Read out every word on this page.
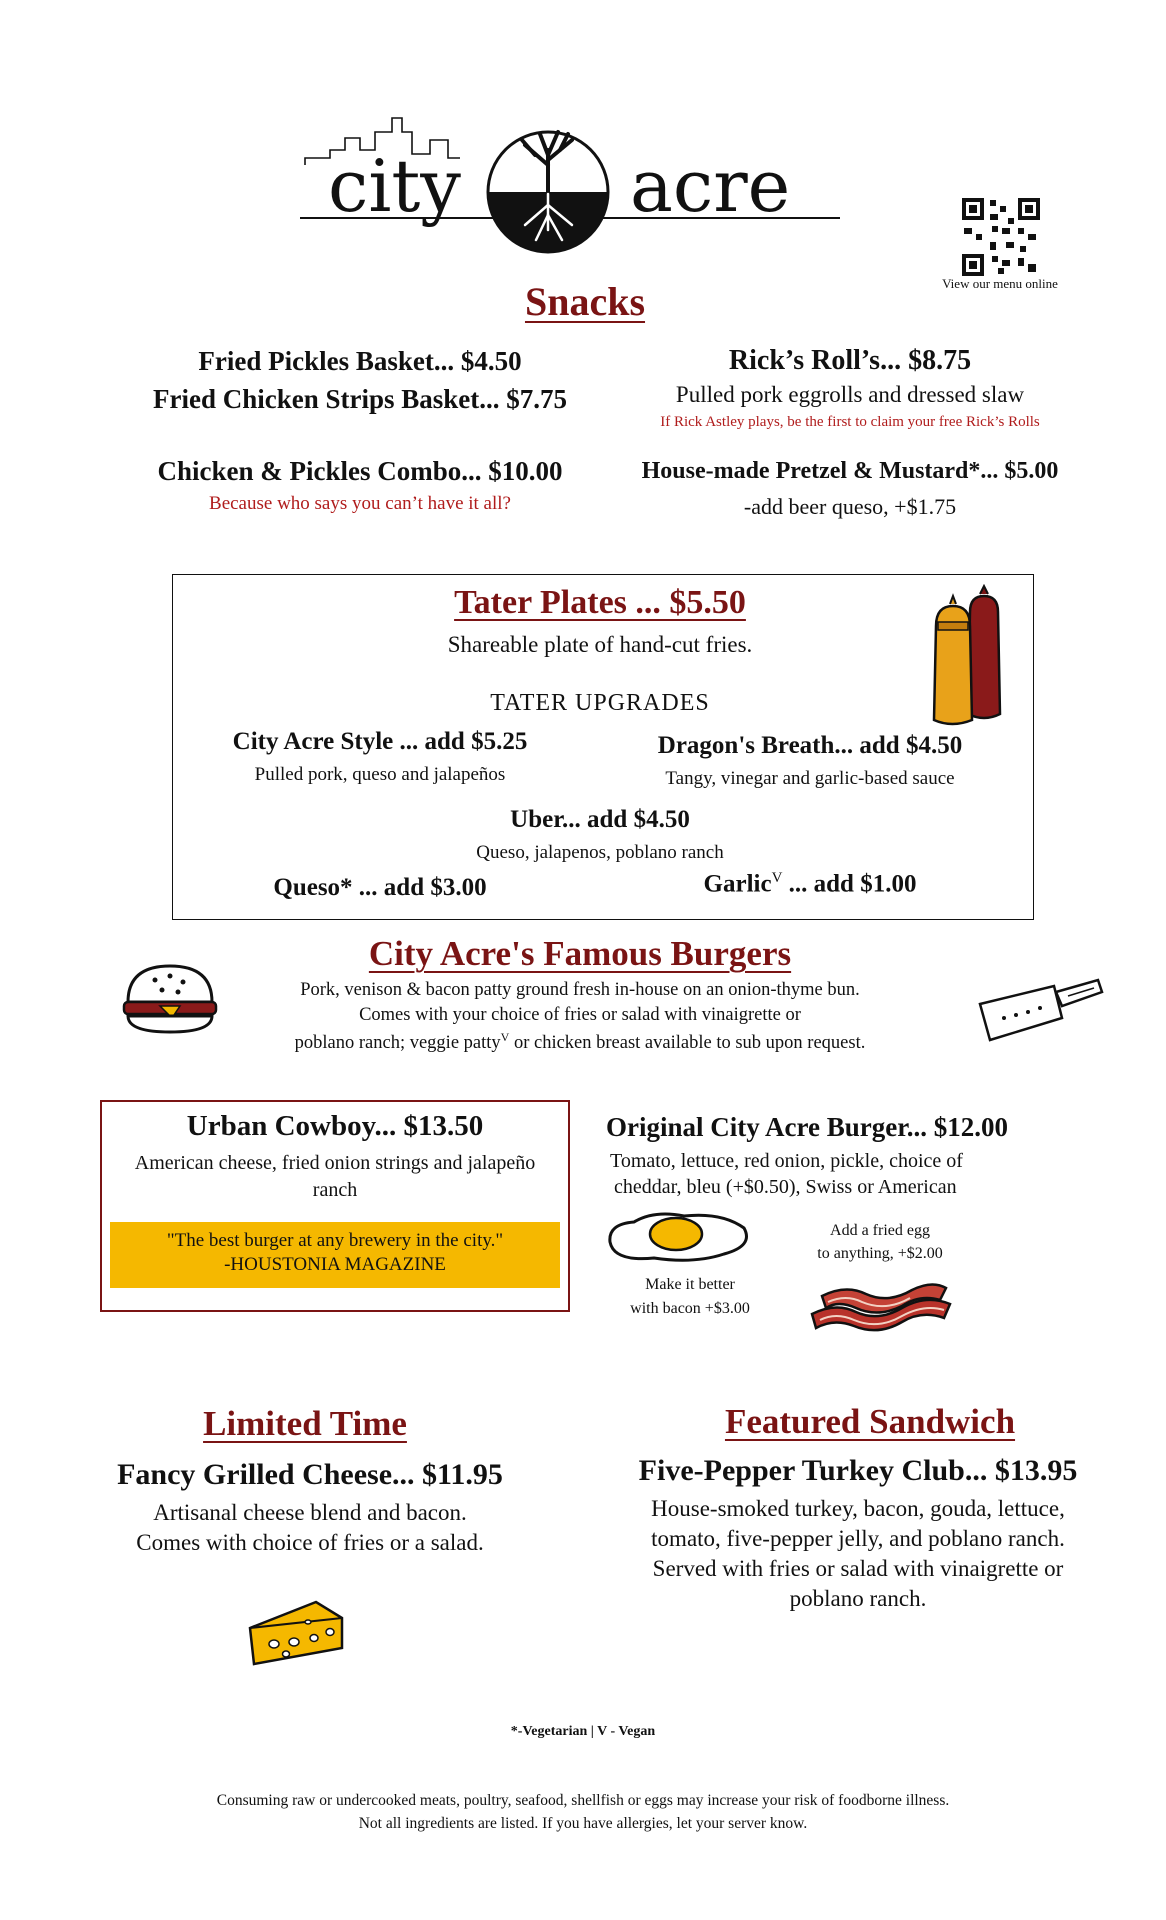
city acre
View our menu online
Snacks
Fried Pickles Basket... $4.50
Fried Chicken Strips Basket... $7.75
Chicken & Pickles Combo... $10.00
Because who says you can’t have it all?
Rick’s Roll’s... $8.75
Pulled pork eggrolls and dressed slaw
If Rick Astley plays, be the first to claim your free Rick’s Rolls
House-made Pretzel & Mustard*... $5.00
-add beer queso, +$1.75
Tater Plates ... $5.50
Shareable plate of hand-cut fries.
TATER UPGRADES
City Acre Style ... add $5.25
Pulled pork, queso and jalapeños
Dragon's Breath... add $4.50
Tangy, vinegar and garlic-based sauce
Uber... add $4.50
Queso, jalapenos, poblano ranch
Queso* ... add $3.00	Garlic$^V$ ... add $1.00
City Acre's Famous Burgers
Pork, venison & bacon patty ground fresh in-house on an onion-thyme bun.
Comes with your choice of fries or salad with vinaigrette or
poblano ranch; veggie patty$^V$ or chicken breast available to sub upon request.
Urban Cowboy... $13.50
American cheese, fried onion strings and jalapeño ranch
"The best burger at any brewery in the city."
-HOUSTONIA MAGAZINE
Original City Acre Burger... $12.00
Tomato, lettuce, red onion, pickle, choice of
cheddar, bleu (+$0.50), Swiss or American
Add a fried egg
to anything, +$2.00
Make it better
with bacon +$3.00
Limited Time
Fancy Grilled Cheese... $11.95
Artisanal cheese blend and bacon.
Comes with choice of fries or a salad.
Featured Sandwich
Five-Pepper Turkey Club... $13.95
House-smoked turkey, bacon, gouda, lettuce,
tomato, five-pepper jelly, and poblano ranch.
Served with fries or salad with vinaigrette or
poblano ranch.
*-Vegetarian | V - Vegan
Consuming raw or undercooked meats, poultry, seafood, shellfish or eggs may increase your risk of foodborne illness.
Not all ingredients are listed. If you have allergies, let your server know.
